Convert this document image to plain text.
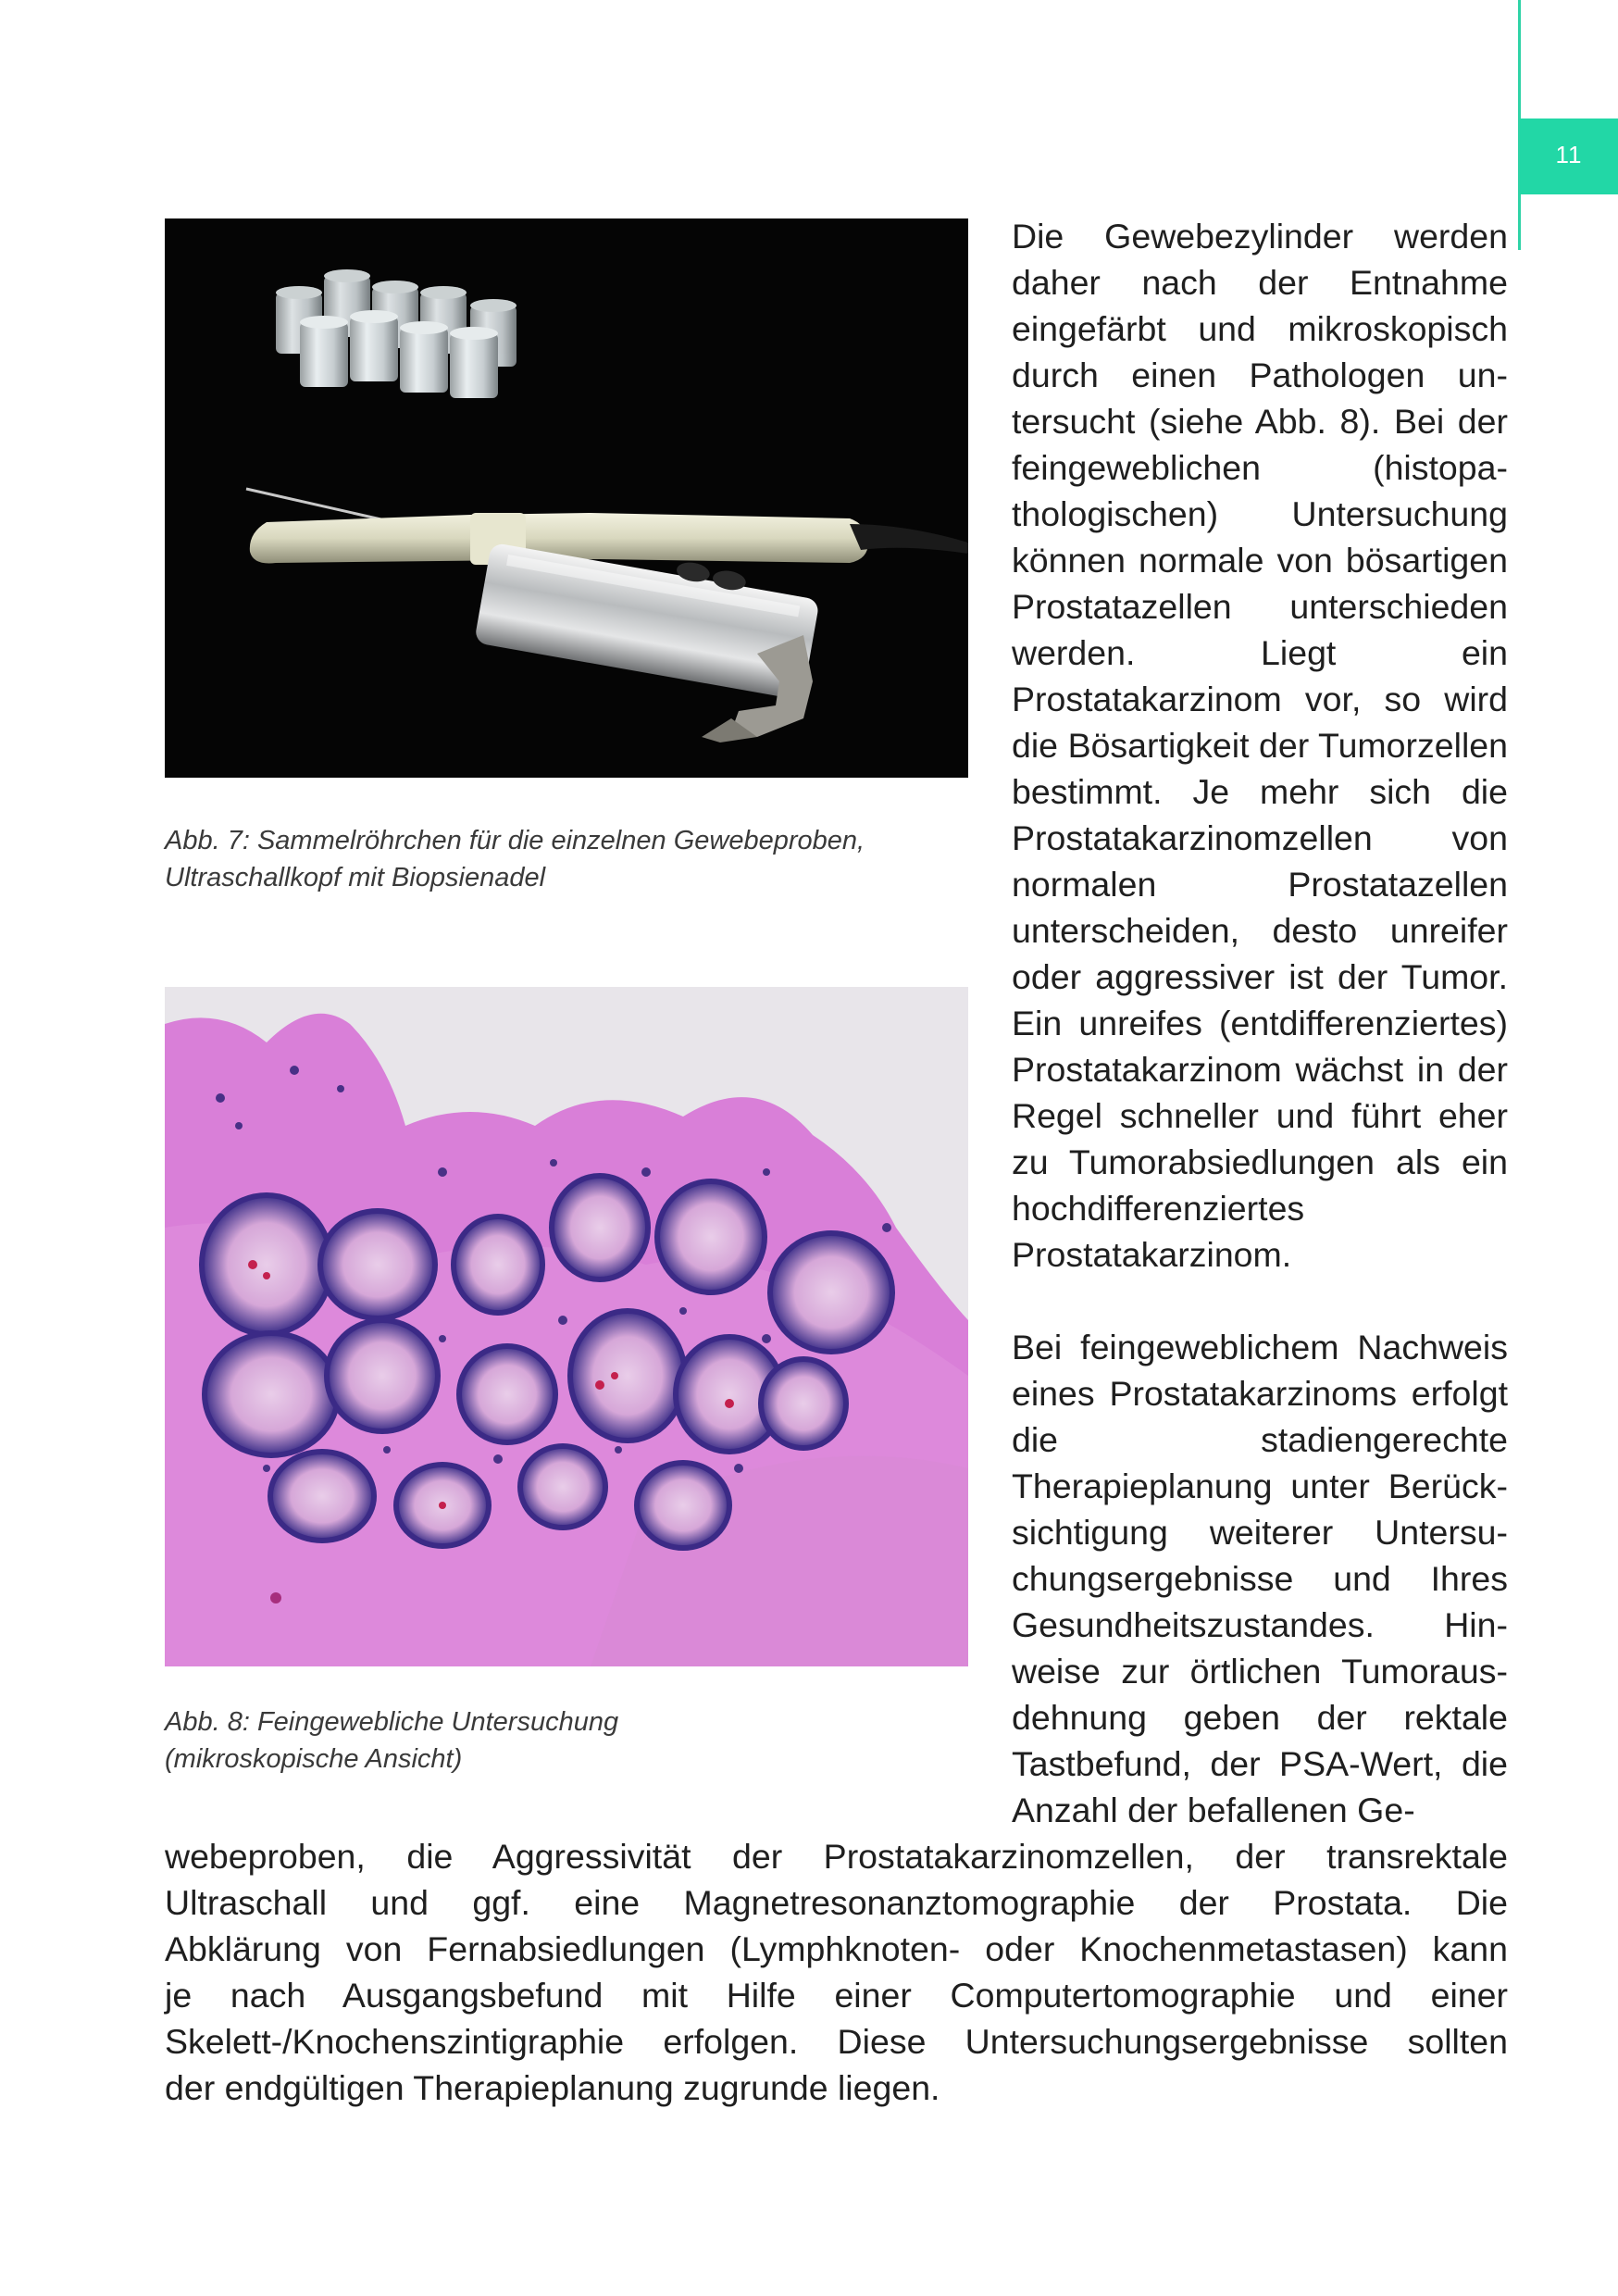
11
Abb. 7: Sammelröhrchen für die einzelnen Gewebeproben, Ultraschallkopf mit Biopsienadel
Abb. 8: Feingewebliche Untersuchung
(mikroskopische Ansicht)

Die Gewebezylinder werden daher nach der Entnahme eingefärbt und mikroskopisch durch einen Pathologen untersucht (siehe Abb. 8). Bei der feingeweblichen (histopathologischen) Untersuchung können normale von bösartigen Prostatazellen unterschieden werden. Liegt ein Prostatakarzinom vor, so wird die Bösartigkeit der Tumorzellen bestimmt. Je mehr sich die Prostatakarzinomzellen von normalen Prostatazellen unterscheiden, desto unreifer oder aggressiver ist der Tumor. Ein unreifes (entdifferenziertes) Prostatakarzinom wächst in der Regel schneller und führt eher zu Tumorabsiedlungen als ein hochdifferenziertes Prostatakarzinom.

Bei feingeweblichem Nachweis eines Prostatakarzinoms erfolgt die stadiengerechte Therapieplanung unter Berücksichtigung weiterer Untersuchungsergebnisse und Ihres Gesundheitszustandes. Hinweise zur örtlichen Tumorausdehnung geben der rektale Tastbefund, der PSA-Wert, die Anzahl der befallenen Ge-

webeproben, die Aggressivität der Prostatakarzinomzellen, der transrektale
Ultraschall und ggf. eine Magnetresonanztomographie der Prostata. Die
Abklärung von Fernabsiedlungen (Lymphknoten- oder Knochenmetastasen) kann
je nach Ausgangsbefund mit Hilfe einer Computertomographie und einer
Skelett-/Knochenszintigraphie erfolgen. Diese Untersuchungsergebnisse sollten
der endgültigen Therapieplanung zugrunde liegen.
